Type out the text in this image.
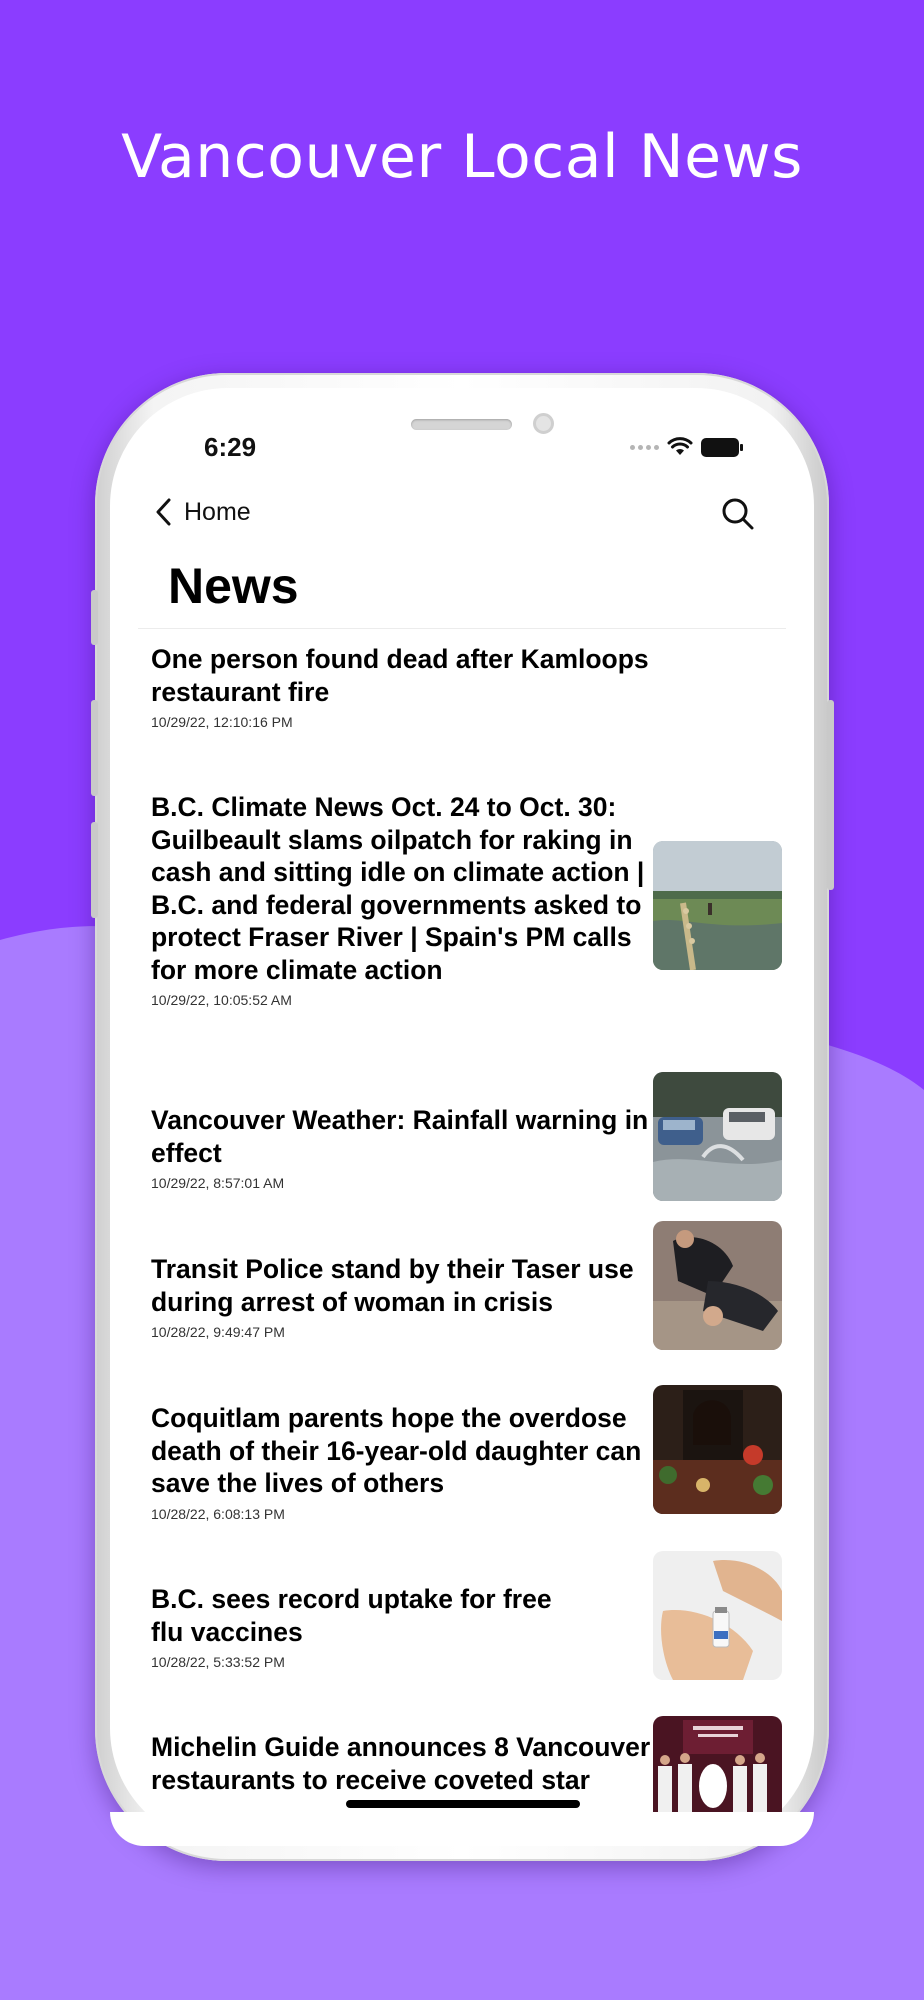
Vancouver Local News
6:29
Home
News
One person found dead after Kamloops restaurant fire
10/29/22, 12:10:16 PM
B.C. Climate News Oct. 24 to Oct. 30: Guilbeault slams oilpatch for raking in cash and sitting idle on climate action | B.C. and federal governments asked to protect Fraser River | Spain's PM calls for more climate action
10/29/22, 10:05:52 AM
Vancouver Weather: Rainfall warning in effect
10/29/22, 8:57:01 AM
Transit Police stand by their Taser use during arrest of woman in crisis
10/28/22, 9:49:47 PM
Coquitlam parents hope the overdose death of their 16-year-old daughter can save the lives of others
10/28/22, 6:08:13 PM
B.C. sees record uptake for free flu vaccines
10/28/22, 5:33:52 PM
Michelin Guide announces 8 Vancouver restaurants to receive coveted star
